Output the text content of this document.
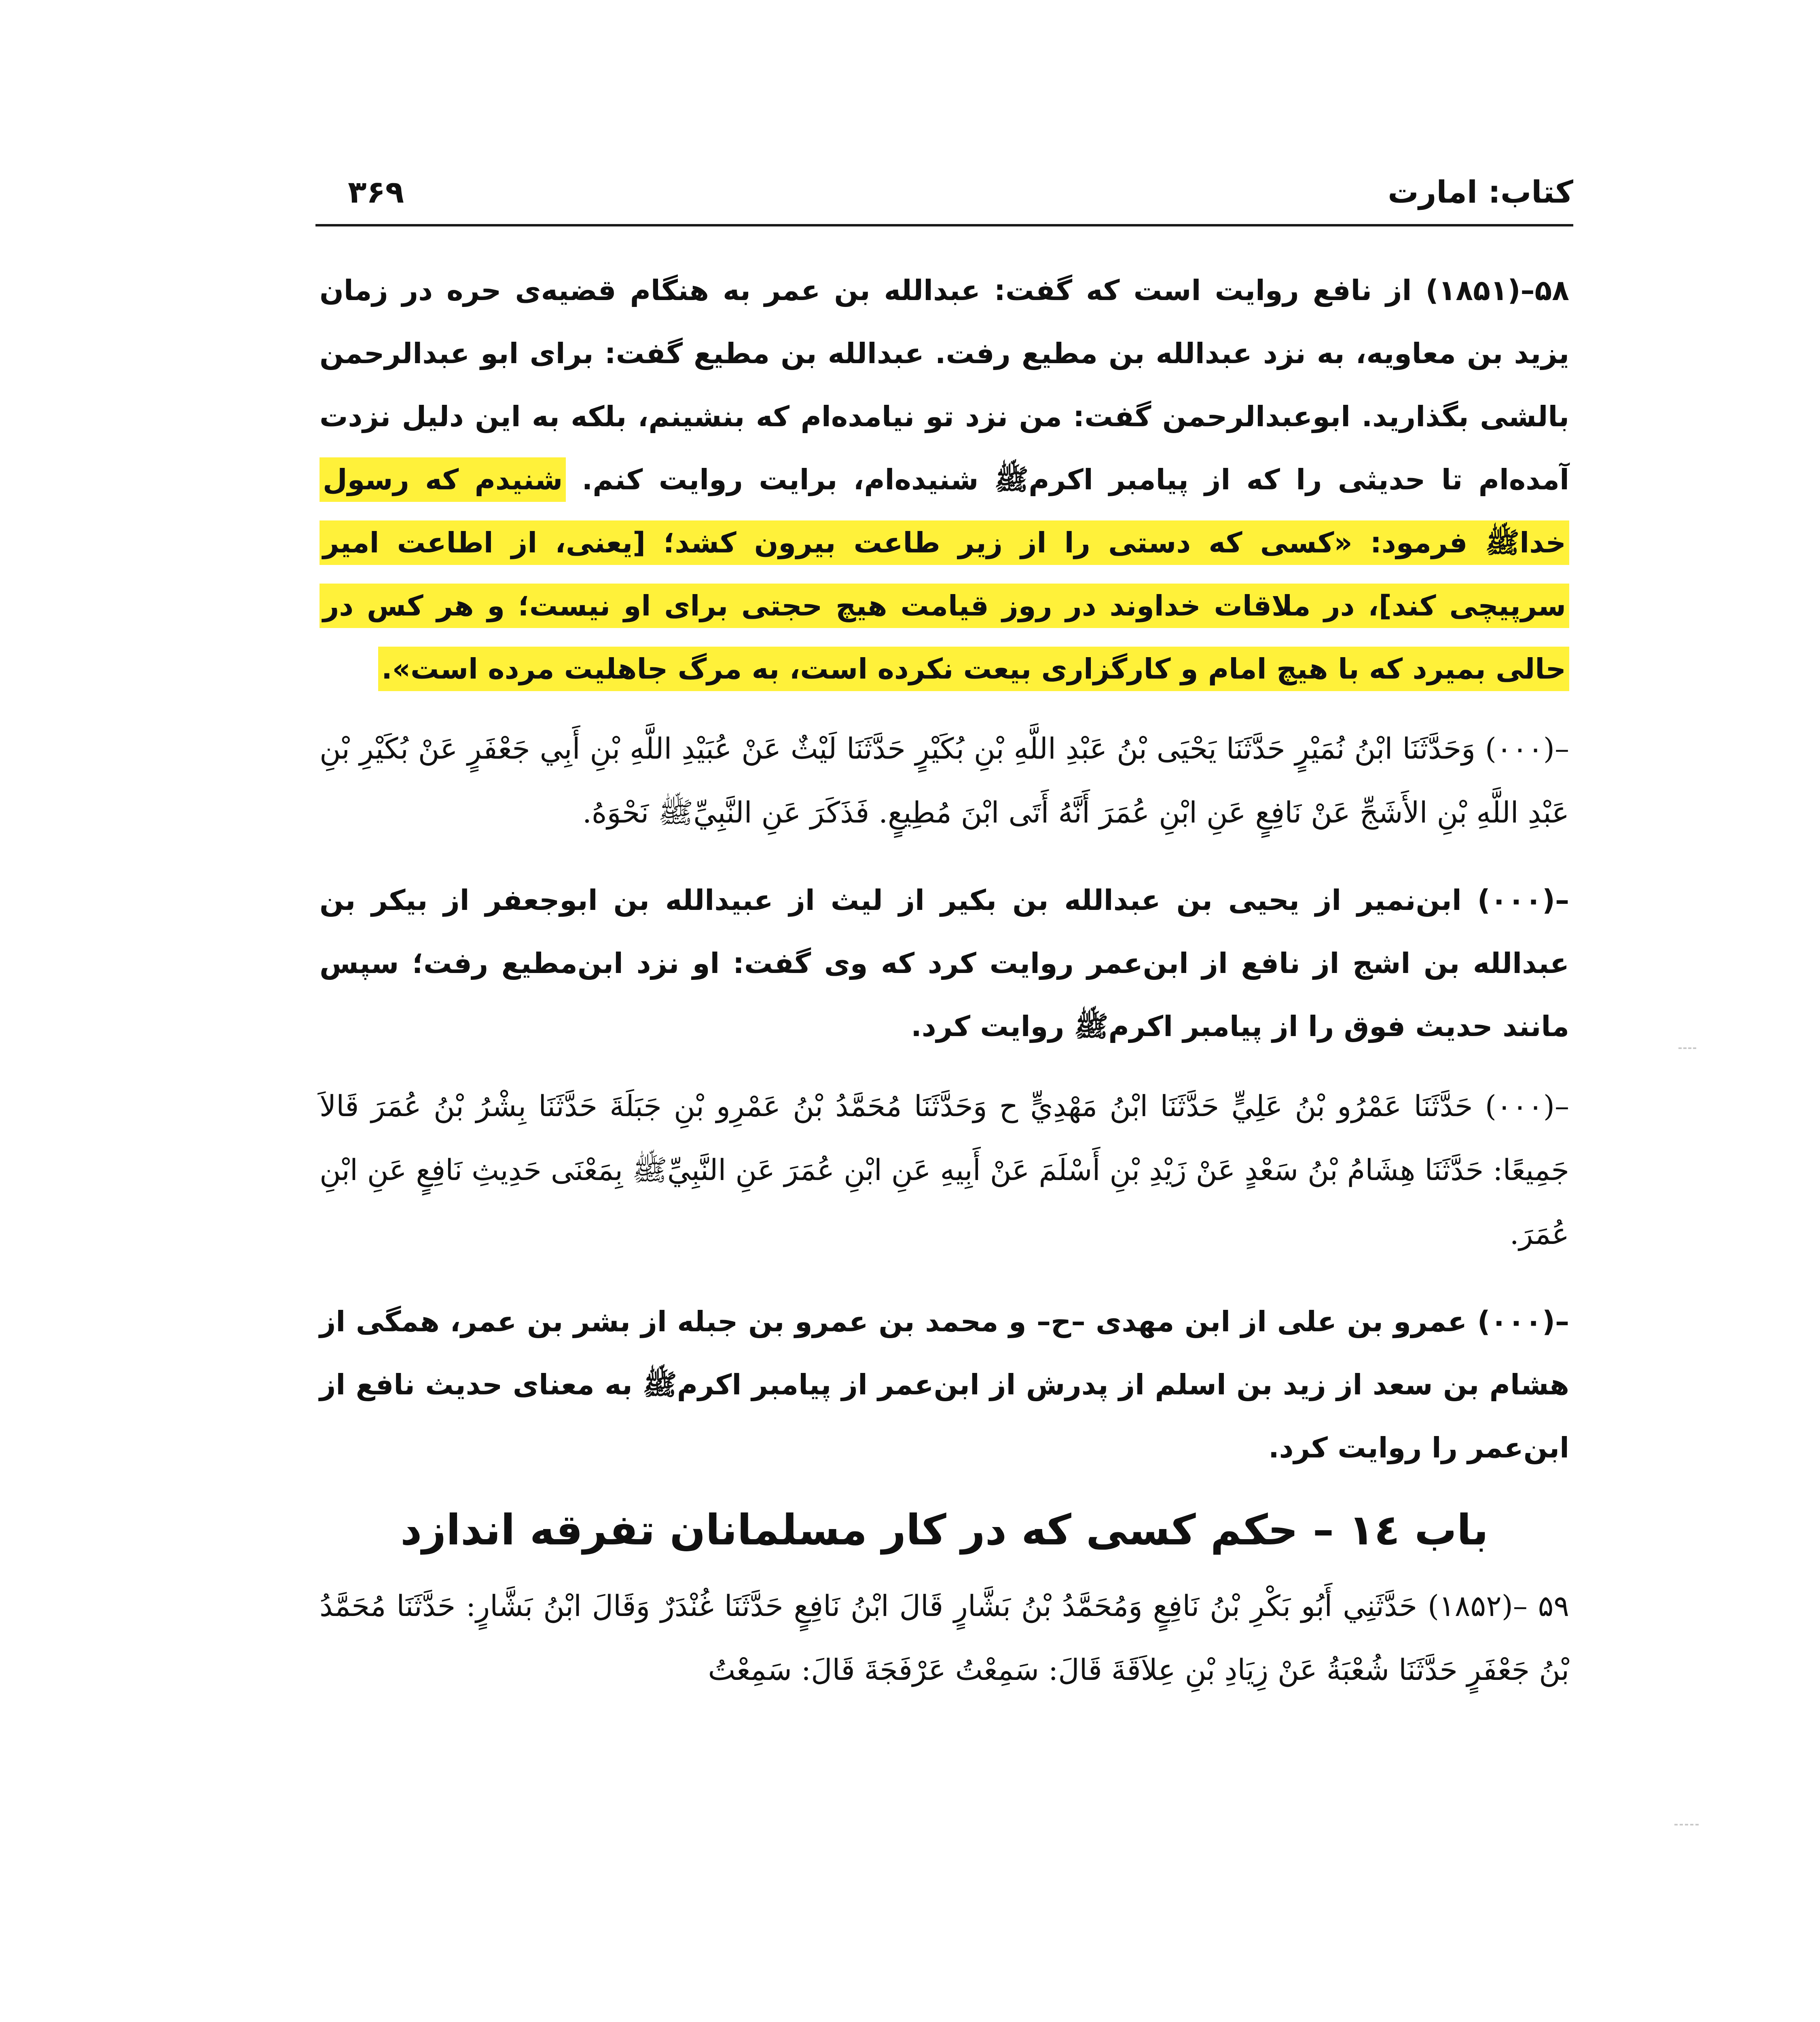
کتاب: امارت
۳۶۹

۵۸–(۱۸۵۱) از نافع روایت است که گفت: عبدالله بن عمر به هنگام قضیه‌ی حره در زمان یزید بن معاویه، به نزد عبدالله بن مطیع رفت. عبدالله بن مطیع گفت: برای ابو عبدالرحمن بالشی بگذارید. ابوعبدالرحمن گفت: من نزد تو نیامده‌ام که بنشینم، بلکه به این دلیل نزدت آمده‌ام تا حدیثی را که از پیامبر اکرمﷺ شنیده‌ام، برایت روایت کنم. شنیدم که رسول خداﷺ فرمود: «کسی که دستی را از زیر طاعت بیرون کشد؛ [یعنی، از اطاعت امیر سرپیچی کند]، در ملاقات خداوند در روز قیامت هیچ حجتی برای او نیست؛ و هر کس در حالی بمیرد که با هیچ امام و کارگزاری بیعت نکرده است، به مرگ جاهلیت مرده است».

–(۰۰۰) وَحَدَّثَنَا ابْنُ نُمَيْرٍ حَدَّثَنَا يَحْيَى بْنُ عَبْدِ اللَّهِ بْنِ بُكَيْرٍ حَدَّثَنَا لَيْثٌ عَنْ عُبَيْدِ اللَّهِ بْنِ أَبِي جَعْفَرٍ عَنْ بُكَيْرِ بْنِ عَبْدِ اللَّهِ بْنِ الأَشَجِّ عَنْ نَافِعٍ عَنِ ابْنِ عُمَرَ أَنَّهُ أَتَى ابْنَ مُطِيعٍ. فَذَكَرَ عَنِ النَّبِيِّﷺ نَحْوَهُ.

–(۰۰۰) ابن‌نمیر از یحیی بن عبدالله بن بکیر از لیث از عبیدالله بن ابوجعفر از بیکر بن عبدالله بن اشج از نافع از ابن‌عمر روایت کرد که وی گفت: او نزد ابن‌مطیع رفت؛ سپس مانند حدیث فوق را از پیامبر اکرمﷺ روایت کرد.

–(۰۰۰) حَدَّثَنَا عَمْرُو بْنُ عَلِيٍّ حَدَّثَنَا ابْنُ مَهْدِيٍّ ح وَحَدَّثَنَا مُحَمَّدُ بْنُ عَمْرِو بْنِ جَبَلَةَ حَدَّثَنَا بِشْرُ بْنُ عُمَرَ قَالاَ جَمِيعًا: حَدَّثَنَا هِشَامُ بْنُ سَعْدٍ عَنْ زَيْدِ بْنِ أَسْلَمَ عَنْ أَبِيهِ عَنِ ابْنِ عُمَرَ عَنِ النَّبِيِّﷺ بِمَعْنَى حَدِيثِ نَافِعٍ عَنِ ابْنِ عُمَرَ.

–(۰۰۰) عمرو بن علی از ابن مهدی –ح– و محمد بن عمرو بن جبله از بشر بن عمر، همگی از هشام بن سعد از زید بن اسلم از پدرش از ابن‌عمر از پیامبر اکرمﷺ به معنای حدیث نافع از ابن‌عمر را روایت کرد.

باب ١٤ – حکم کسی که در کار مسلمانان تفرقه اندازد

۵۹ –(۱۸۵۲) حَدَّثَنِي أَبُو بَكْرِ بْنُ نَافِعٍ وَمُحَمَّدُ بْنُ بَشَّارٍ قَالَ ابْنُ نَافِعٍ حَدَّثَنَا غُنْدَرٌ وَقَالَ ابْنُ بَشَّارٍ: حَدَّثَنَا مُحَمَّدُ بْنُ جَعْفَرٍ حَدَّثَنَا شُعْبَةُ عَنْ زِيَادِ بْنِ عِلاَقَةَ قَالَ: سَمِعْتُ عَرْفَجَةَ قَالَ: سَمِعْتُ
